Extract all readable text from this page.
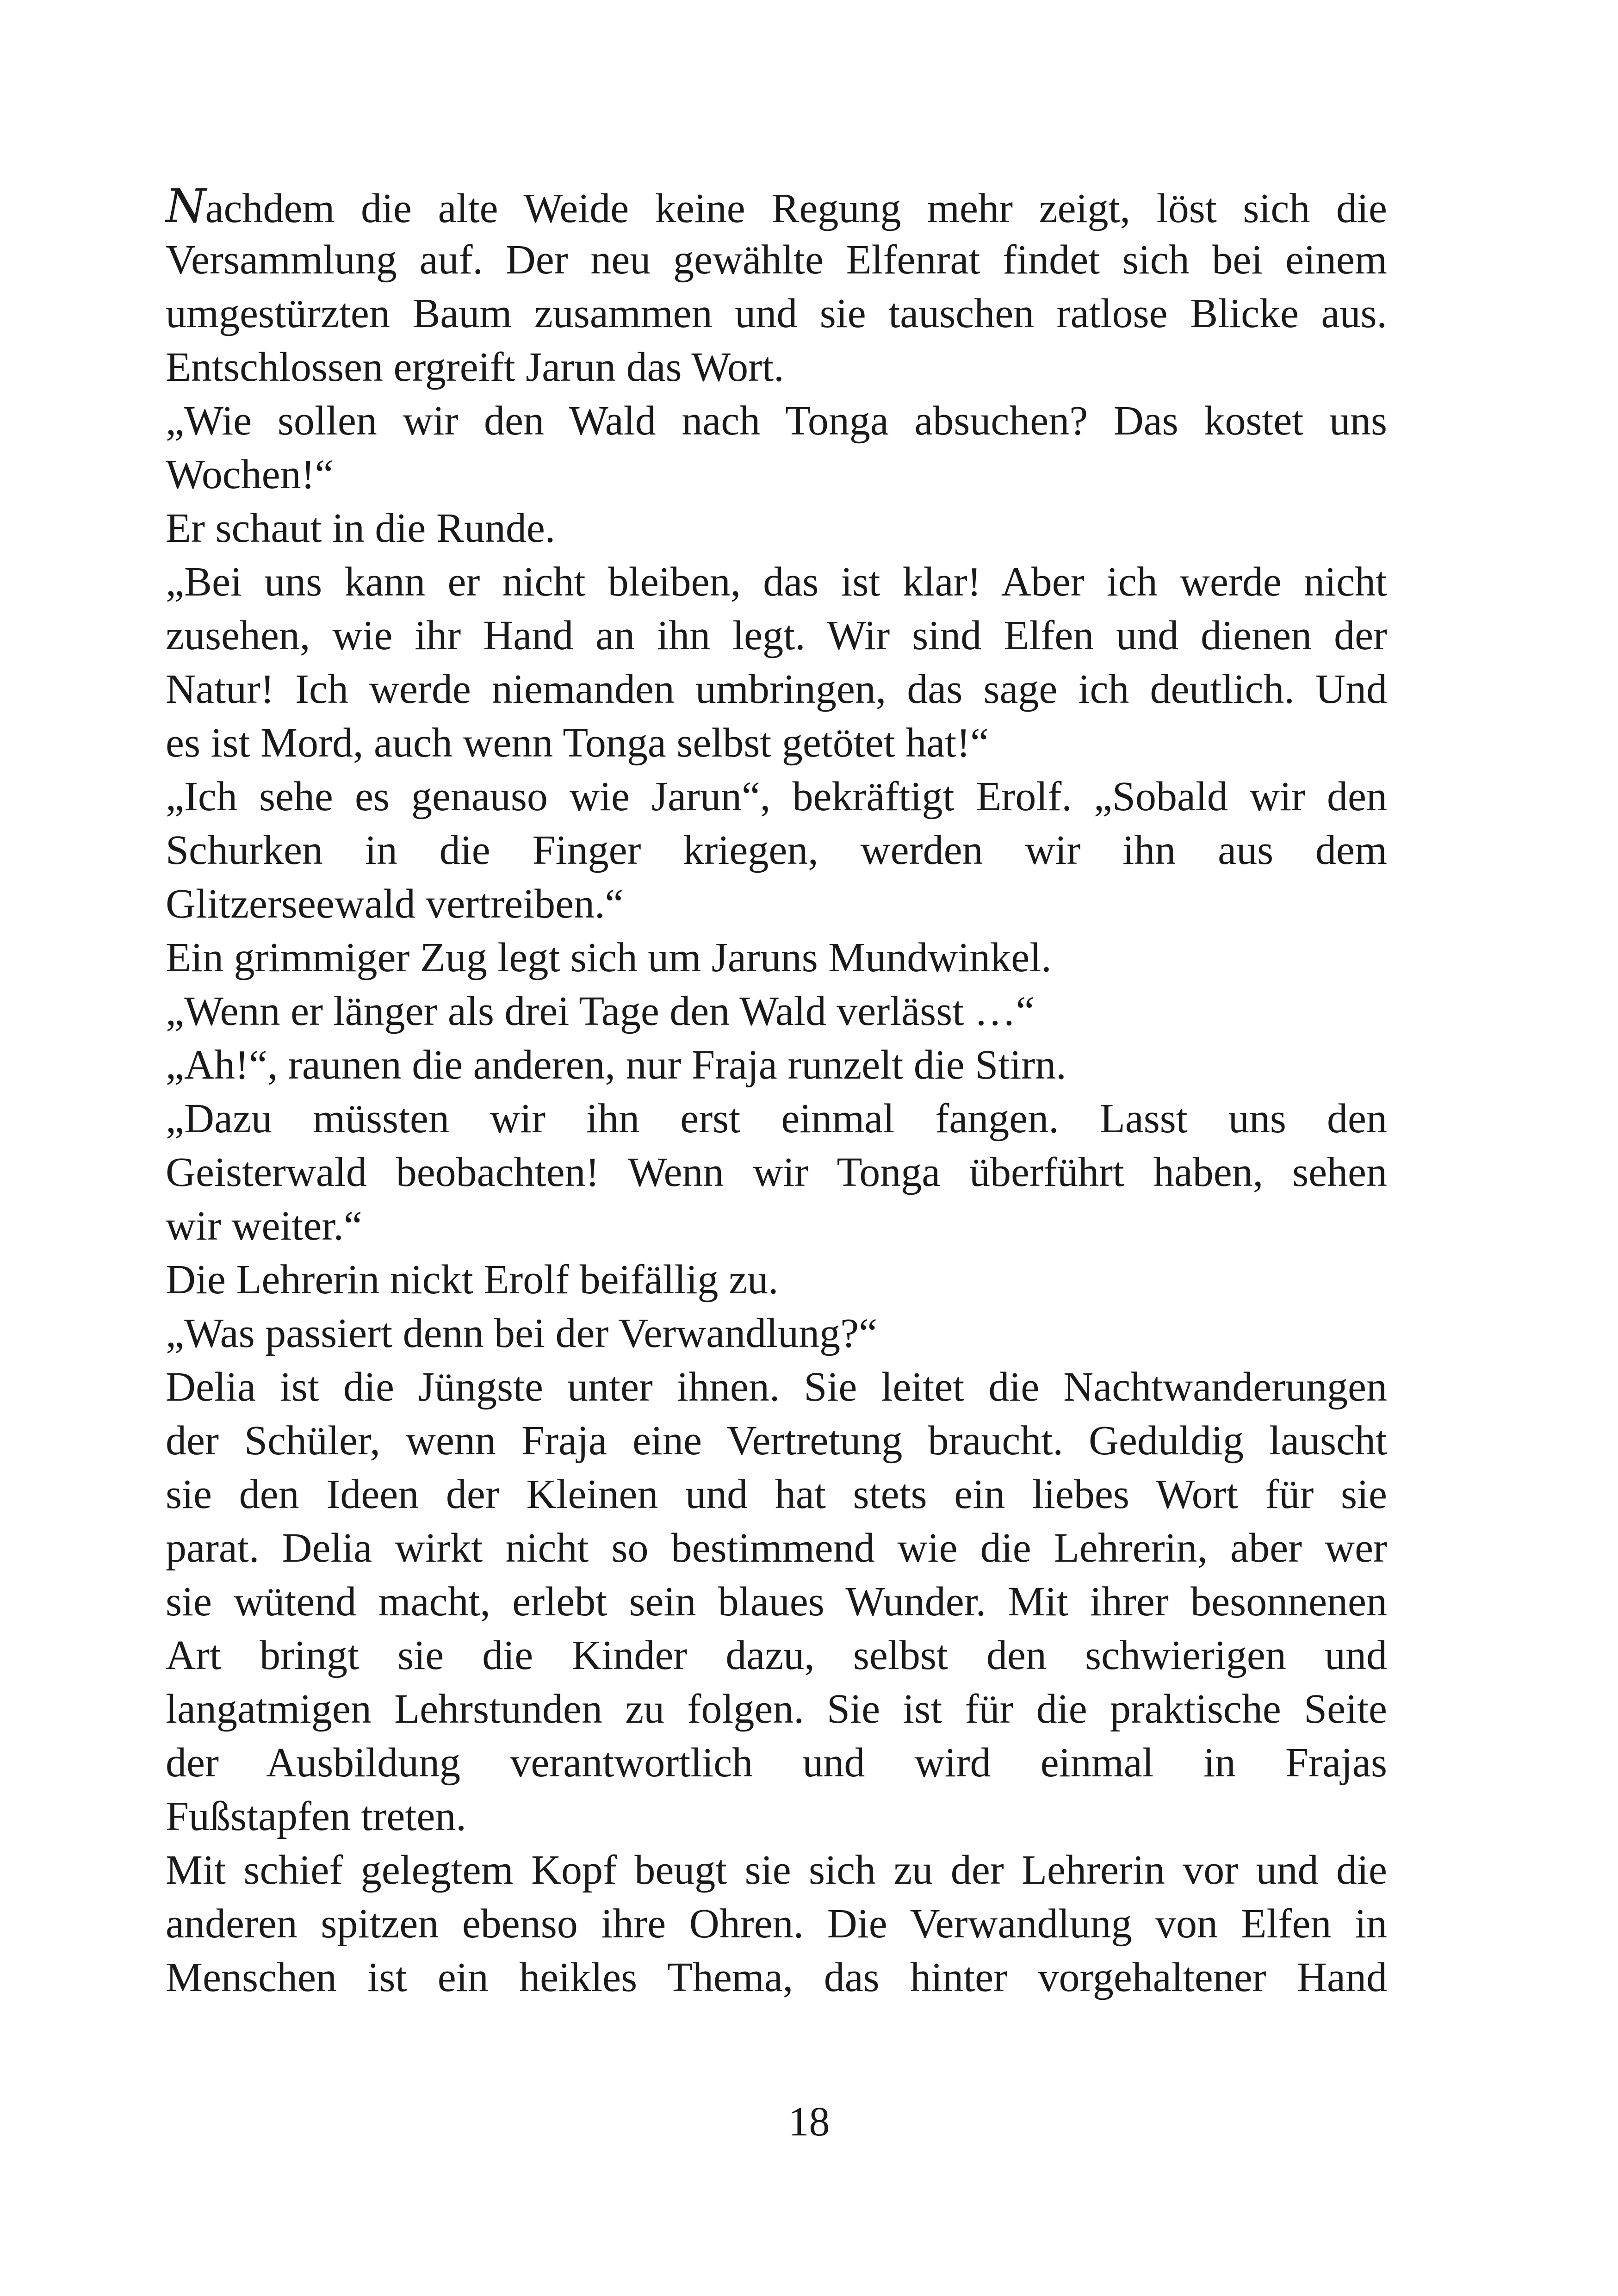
Nachdem die alte Weide keine Regung mehr zeigt, löst sich die
Versammlung auf. Der neu gewählte Elfenrat findet sich bei einem
umgestürzten Baum zusammen und sie tauschen ratlose Blicke aus.
Entschlossen ergreift Jarun das Wort.
„Wie sollen wir den Wald nach Tonga absuchen? Das kostet uns
Wochen!“
Er schaut in die Runde.
„Bei uns kann er nicht bleiben, das ist klar! Aber ich werde nicht
zusehen, wie ihr Hand an ihn legt. Wir sind Elfen und dienen der
Natur! Ich werde niemanden umbringen, das sage ich deutlich. Und
es ist Mord, auch wenn Tonga selbst getötet hat!“
„Ich sehe es genauso wie Jarun“, bekräftigt Erolf. „Sobald wir den
Schurken in die Finger kriegen, werden wir ihn aus dem
Glitzerseewald vertreiben.“
Ein grimmiger Zug legt sich um Jaruns Mundwinkel.
„Wenn er länger als drei Tage den Wald verlässt …“
„Ah!“, raunen die anderen, nur Fraja runzelt die Stirn.
„Dazu müssten wir ihn erst einmal fangen. Lasst uns den
Geisterwald beobachten! Wenn wir Tonga überführt haben, sehen
wir weiter.“
Die Lehrerin nickt Erolf beifällig zu.
„Was passiert denn bei der Verwandlung?“
Delia ist die Jüngste unter ihnen. Sie leitet die Nachtwanderungen
der Schüler, wenn Fraja eine Vertretung braucht. Geduldig lauscht
sie den Ideen der Kleinen und hat stets ein liebes Wort für sie
parat. Delia wirkt nicht so bestimmend wie die Lehrerin, aber wer
sie wütend macht, erlebt sein blaues Wunder. Mit ihrer besonnenen
Art bringt sie die Kinder dazu, selbst den schwierigen und
langatmigen Lehrstunden zu folgen. Sie ist für die praktische Seite
der Ausbildung verantwortlich und wird einmal in Frajas
Fußstapfen treten.
Mit schief gelegtem Kopf beugt sie sich zu der Lehrerin vor und die
anderen spitzen ebenso ihre Ohren. Die Verwandlung von Elfen in
Menschen ist ein heikles Thema, das hinter vorgehaltener Hand
18
